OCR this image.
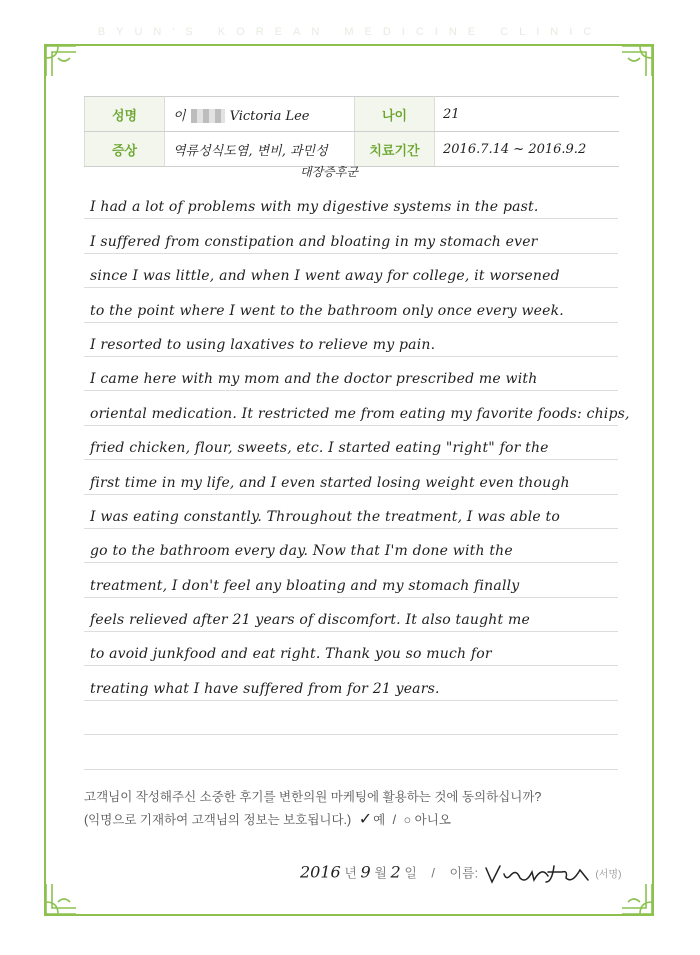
BYUN'S KOREAN MEDICINE CLINIC
성명	이 Victoria Lee	나이	21
증상	역류성식도염, 변비, 과민성	치료기간	2016.7.14 ~ 2016.9.2
대장증후군
I had a lot of problems with my digestive systems in the past.
I suffered from constipation and bloating in my stomach ever
since I was little, and when I went away for college, it worsened
to the point where I went to the bathroom only once every week.
I resorted to using laxatives to relieve my pain.
I came here with my mom and the doctor prescribed me with
oriental medication. It restricted me from eating my favorite foods: chips,
fried chicken, flour, sweets, etc. I started eating "right" for the
first time in my life, and I even started losing weight even though
I was eating constantly. Throughout the treatment, I was able to
go to the bathroom every day. Now that I'm done with the
treatment, I don't feel any bloating and my stomach finally
feels relieved after 21 years of discomfort. It also taught me
to avoid junkfood and eat right. Thank you so much for
treating what I have suffered from for 21 years.
고객님이 작성해주신 소중한 후기를 변한의원 마케팅에 활용하는 것에 동의하십니까?
(익명으로 기재하여 고객님의 정보는 보호됩니다.) ✓예 / ○ 아니오
2016 년 9 월 2 일 / 이름:	(서명)
